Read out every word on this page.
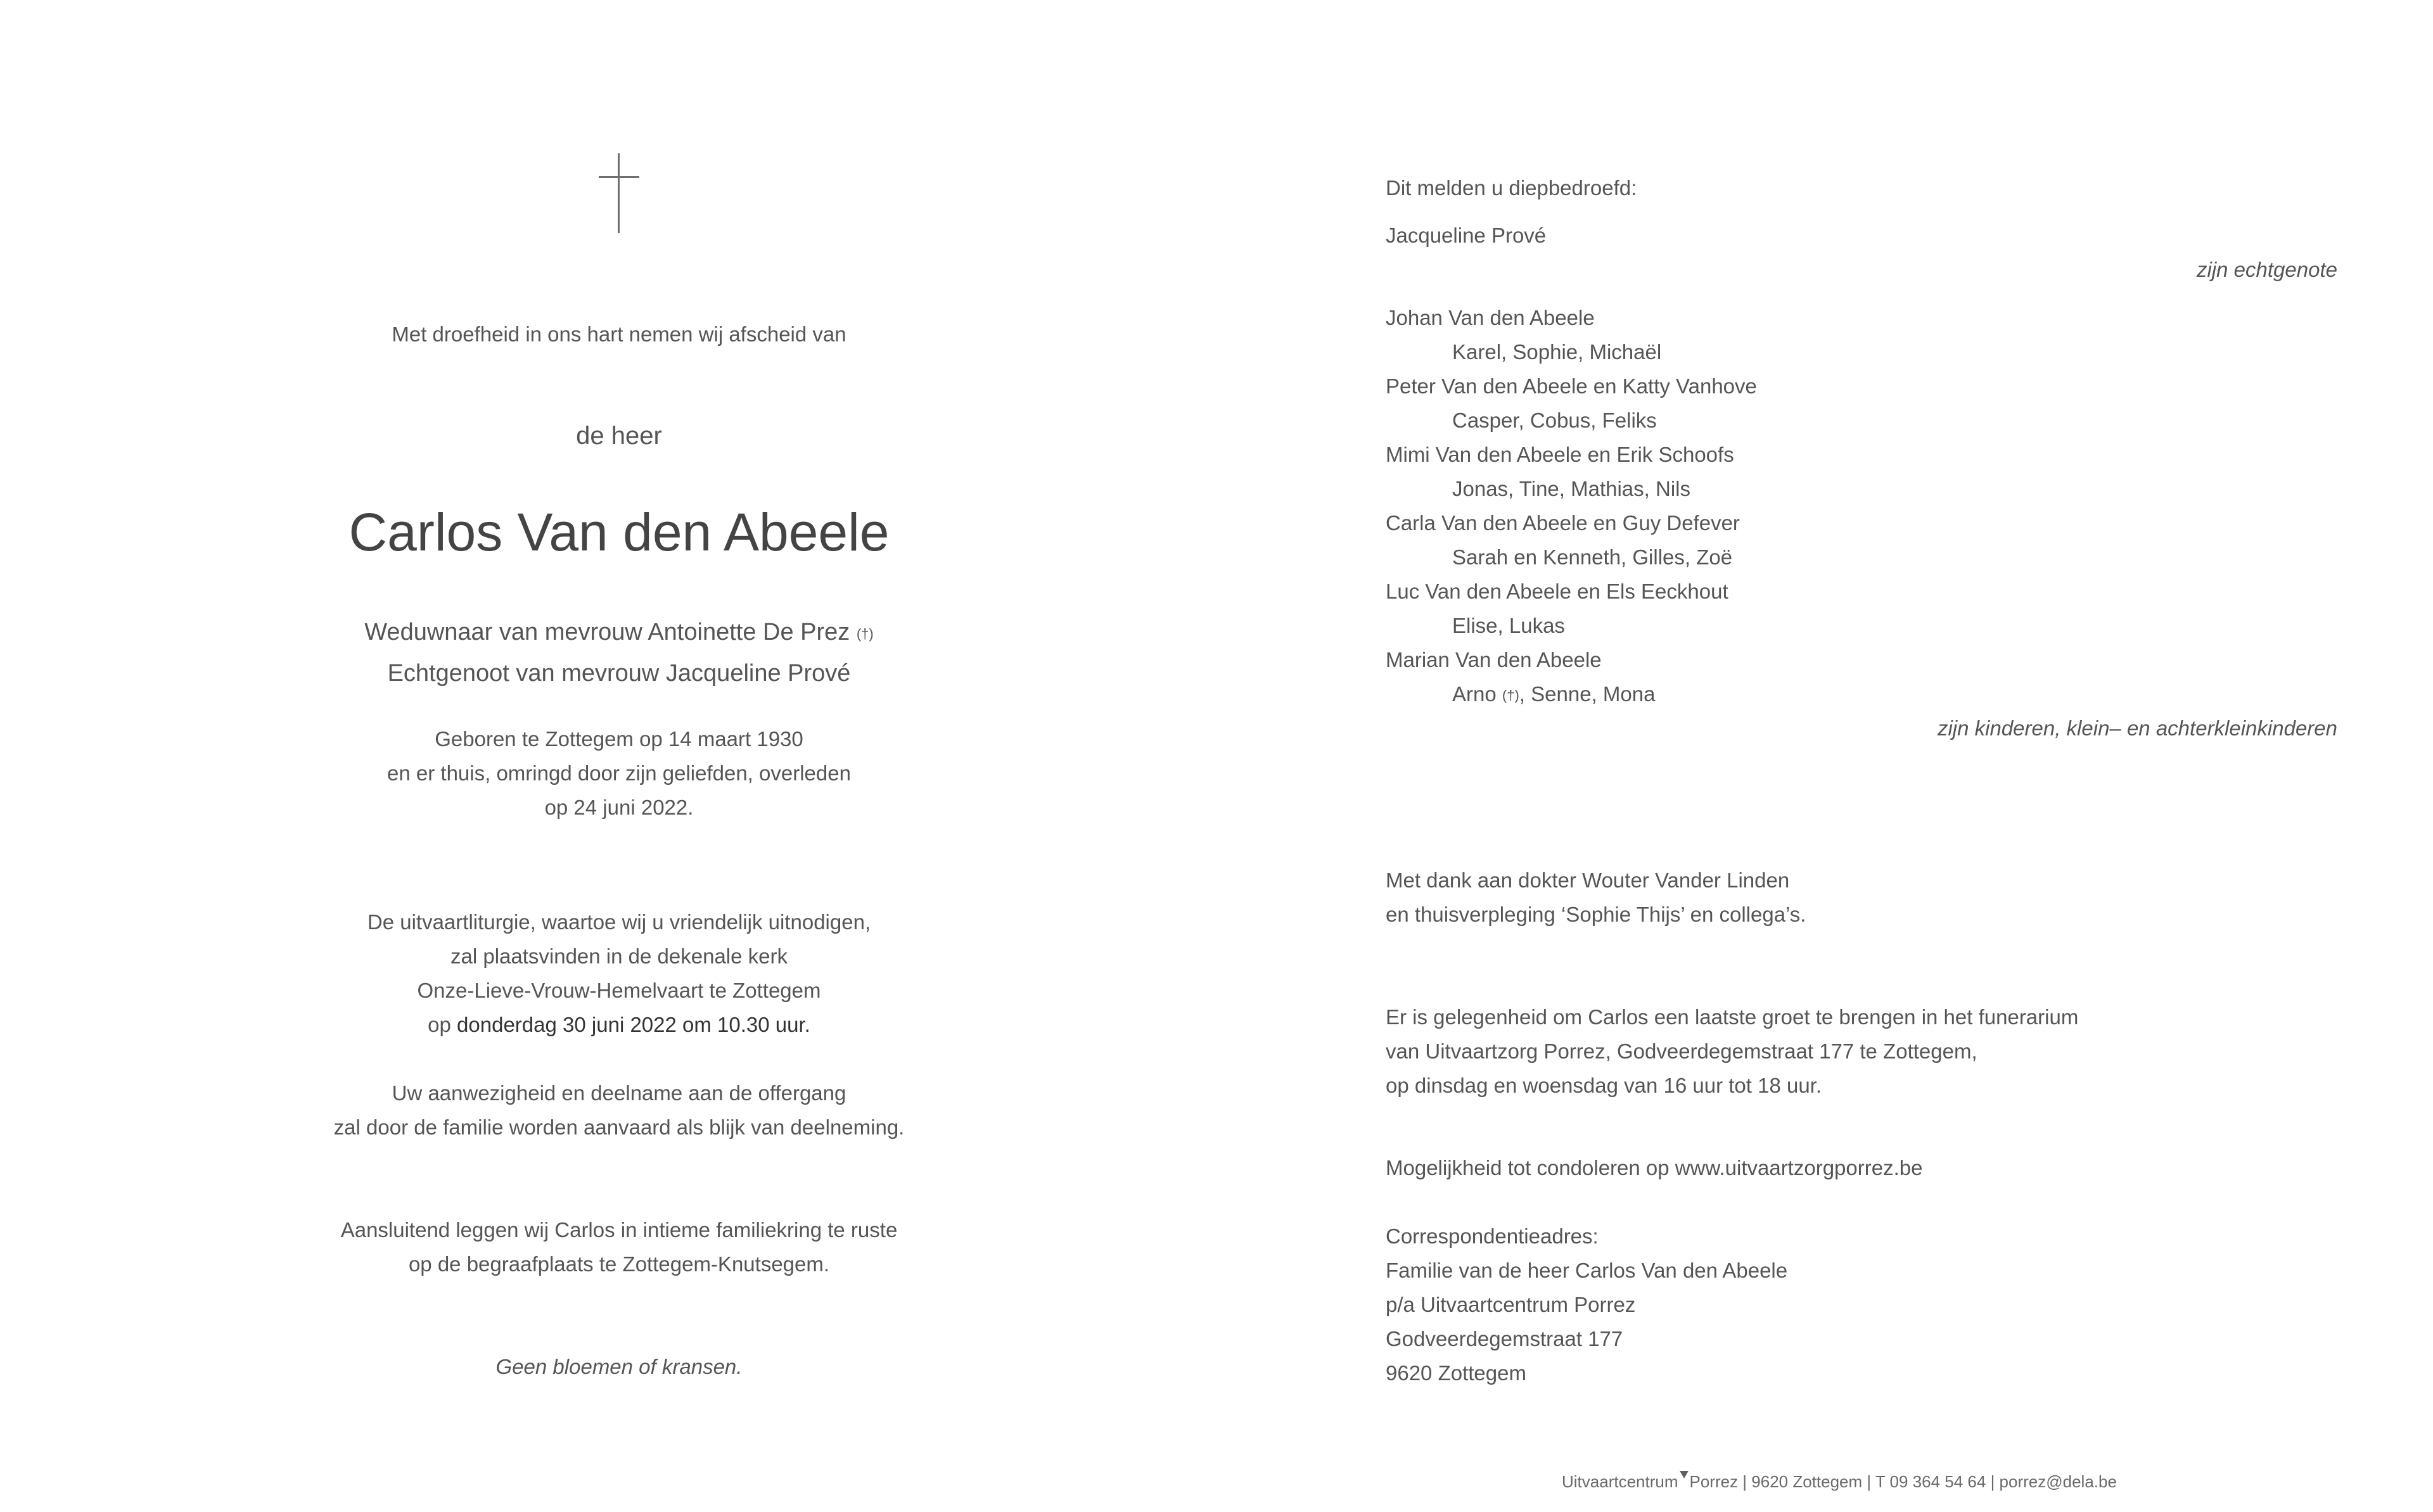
Met droefheid in ons hart nemen wij afscheid van
de heer
Carlos Van den Abeele
Weduwnaar van mevrouw Antoinette De Prez (†)
Echtgenoot van mevrouw Jacqueline Prové
Geboren te Zottegem op 14 maart 1930
en er thuis, omringd door zijn geliefden, overleden
op 24 juni 2022.
De uitvaartliturgie, waartoe wij u vriendelijk uitnodigen,
zal plaatsvinden in de dekenale kerk
Onze-Lieve-Vrouw-Hemelvaart te Zottegem
op donderdag 30 juni 2022 om 10.30 uur.
Uw aanwezigheid en deelname aan de offergang
zal door de familie worden aanvaard als blijk van deelneming.
Aansluitend leggen wij Carlos in intieme familiekring te ruste
op de begraafplaats te Zottegem-Knutsegem.
Geen bloemen of kransen.
Dit melden u diepbedroefd:
Jacqueline Prové
zijn echtgenote
Johan Van den Abeele
Karel, Sophie, Michaël
Peter Van den Abeele en Katty Vanhove
Casper, Cobus, Feliks
Mimi Van den Abeele en Erik Schoofs
Jonas, Tine, Mathias, Nils
Carla Van den Abeele en Guy Defever
Sarah en Kenneth, Gilles, Zoë
Luc Van den Abeele en Els Eeckhout
Elise, Lukas
Marian Van den Abeele
Arno (†), Senne, Mona
zijn kinderen, klein– en achterkleinkinderen
Met dank aan dokter Wouter Vander Linden
en thuisverpleging ‘Sophie Thijs’ en collega’s.
Er is gelegenheid om Carlos een laatste groet te brengen in het funerarium
van Uitvaartzorg Porrez, Godveerdegemstraat 177 te Zottegem,
op dinsdag en woensdag van 16 uur tot 18 uur.
Mogelijkheid tot condoleren op www.uitvaartzorgporrez.be
Correspondentieadres:
Familie van de heer Carlos Van den Abeele
p/a Uitvaartcentrum Porrez
Godveerdegemstraat 177
9620 Zottegem
Uitvaartcentrum Porrez | 9620 Zottegem | T 09 364 54 64 | porrez@dela.be
